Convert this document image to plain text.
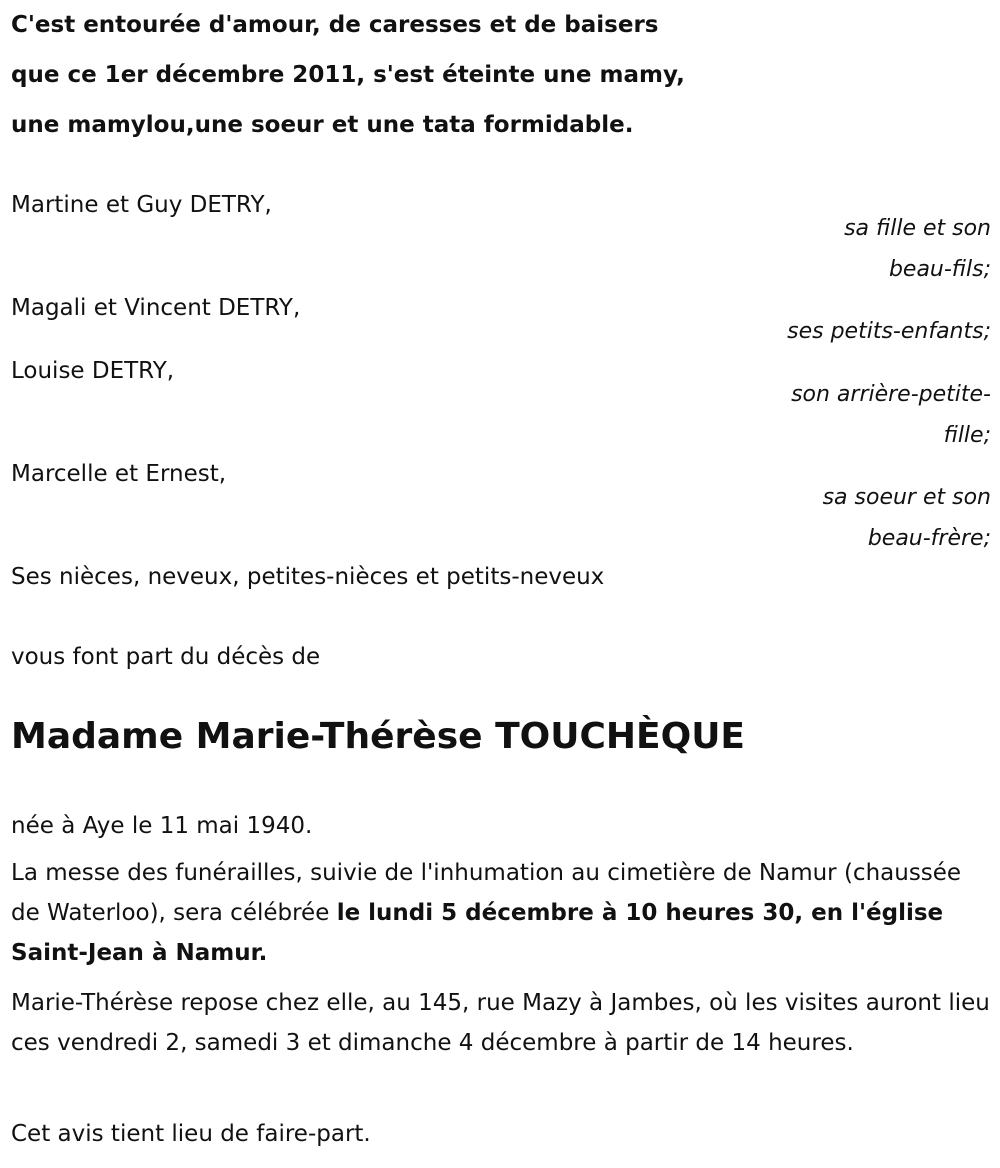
C'est entourée d'amour, de caresses et de baisers
que ce 1er décembre 2011, s'est éteinte une mamy,
une mamylou,une soeur et une tata formidable.
Martine et Guy DETRY,
sa fille et son
beau-fils;
Magali et Vincent DETRY,
ses petits-enfants;
Louise DETRY,
son arrière-petite-
fille;
Marcelle et Ernest,
sa soeur et son
beau-frère;
Ses nièces, neveux, petites-nièces et petits-neveux
vous font part du décès de
Madame Marie-Thérèse TOUCHÈQUE
née à Aye le 11 mai 1940.
La messe des funérailles, suivie de l'inhumation au cimetière de Namur (chaussée de Waterloo), sera célébrée le lundi 5 décembre à 10 heures 30, en l'église Saint-Jean à Namur.
Marie-Thérèse repose chez elle, au 145, rue Mazy à Jambes, où les visites auront lieu ces vendredi 2, samedi 3 et dimanche 4 décembre à partir de 14 heures.
Cet avis tient lieu de faire-part.
